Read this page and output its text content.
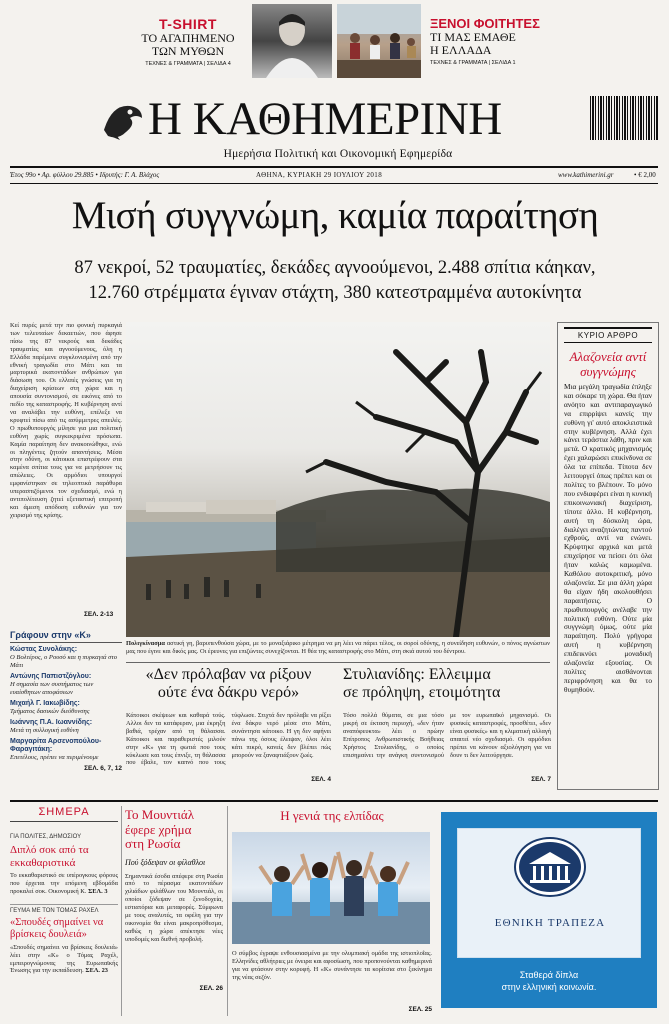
T-SHIRT
ΤΟ ΑΓΑΠΗΜΕΝΟ
ΤΩΝ ΜΥΘΩΝ
ΤΕΧΝΕΣ & ΓΡΑΜΜΑΤΑ | ΣΕΛΙΔΑ 4
ΞΕΝΟΙ ΦΟΙΤΗΤΕΣ
ΤΙ ΜΑΣ ΕΜΑΘΕ
Η ΕΛΛΑΔΑ
ΤΕΧΝΕΣ & ΓΡΑΜΜΑΤΑ | ΣΕΛΙΔΑ 1
Η ΚΑΘΗΜΕΡΙΝΗ
Ημερήσια Πολιτική και Οικονομική Εφημερίδα
Έτος 99ο • Αρ. φύλλου 29.885 • Ιδρυτής: Γ. Α. Βλάχος	ΑΘΗΝΑ, ΚΥΡΙΑΚΗ 29 ΙΟΥΛΙΟΥ 2018	www.kathimerini.gr	• € 2,00
Μισή συγγνώμη, καμία παραίτηση
87 νεκροί, 52 τραυματίες, δεκάδες αγνοούμενοι, 2.488 σπίτια κάηκαν,
12.760 στρέμματα έγιναν στάχτη, 380 κατεστραμμένα αυτοκίνητα
Κεί πυρές μετά την πιο φονική πυρκαγιά των τελευταίων δεκαετιών, που άφησε πίσω της 87 νεκρούς και δεκάδες τραυματίες και αγνοούμενους, όλη η Ελλάδα παρέμενε συγκλονισμένη από την εθνική τραγωδία στο Μάτι και τα μαρτυρικά εκατοντάδων ανθρώπων για διάσωση του. Οι ελλιπές γνώσεις για τη διαχείριση κρίσεων στη χώρα και η απουσία συντονισμού, σε εικόνες από το πεδίο της καταστροφής. Η κυβέρνηση αντί να αναλάβει την ευθύνη, επέλεξε να κρυφτεί πίσω από τις ασύμμετρες απειλές. Ο πρωθυπουργός μίλησε για μια πολιτική ευθύνη χωρίς συγκεκριμένα πρόσωπα. Καμία παραίτηση δεν ανακοινώθηκε, ενώ οι πληγέντες ζητούν απαντήσεις. Μέσα στην οδύνη, οι κάτοικοι επιστρέφουν στα καμένα σπίτια τους για να μετρήσουν τις απώλειες. Οι αρμόδιοι υπουργοί εμφανίστηκαν σε τηλεοπτικά παράθυρα υπερασπιζόμενοι τον σχεδιασμό, ενώ η αντιπολίτευση ζητεί εξεταστική επιτροπή και άμεση απόδοση ευθυνών για τον χειρισμό της κρίσης.
ΣΕΛ. 2-13
Πολιγκίνασμα αστική γη, βαρυπενθούσα χώρα, με το μοναξιάρικο μέτρημα να μη λέει να πάρει τέλος, οι σοροί οδύνης, η συνείδηση ευθυνών, ο πόνος αγνώστων μας που έγινε και δικός μας. Οι έρευνες για επιζώντες συνεχίζονται. Η θέα της καταστροφής στο Μάτι, στη σκιά αυτού του δέντρου.
ΚΥΡΙΟ ΑΡΘΡΟ
Αλαζονεία αντί συγγνώμης
Μια μεγάλη τραγωδία έπληξε και σόκαρε τη χώρα. Θα ήταν ανόητο και αντιπαραγωγικό να επιρρίψει κανείς την ευθύνη γι' αυτό αποκλειστικά στην κυβέρνηση. Αλλά έχει κάνει τεράστια λάθη, πριν και μετά. Ο κρατικός μηχανισμός έχει χαλαρώσει επικίνδυνα σε όλα τα επίπεδα. Τίποτα δεν λειτουργεί όπως πρέπει και οι πολίτες το βλέπουν. Το μόνο που ενδιαφέρει είναι η κυνική επικοινωνιακή διαχείριση, τίποτε άλλο. Η κυβέρνηση, αυτή τη δύσκολη ώρα, διαλέγει αναζητώντας παντού εχθρούς, αντί να ενώνει. Κρύφτηκε αρχικά και μετά επιχείρησε να πείσει ότι όλα ήταν καλώς καμωμένα. Καθόλου αυτοκριτική, μόνο αλαζονεία. Σε μια άλλη χώρα θα είχαν ήδη ακολουθήσει παραιτήσεις. Ο πρωθυπουργός ανέλαβε την πολιτική ευθύνη. Ούτε μία συγγνώμη όμως, ούτε μία παραίτηση. Πολύ γρήγορα αυτή η κυβέρνηση επιδεικνύει μοναδική αλαζονεία εξουσίας. Οι πολίτες αισθάνονται περιφρόνηση και θα το θυμηθούν.
Γράφουν στην «Κ»
Κώστας Συνολάκης:
Ο Βολτέρος, ο Ρουσό και η πυρκαγιά στο Μάτι
Αντώνης Παπιστζόγλου:
Η σημασία των συστήματος των ευαίσθητων αποφάσεων
Μιχαήλ Γ. Ιακωβίδης:
Τμήματος δασικών διεύθυνσης
Ιωάννης Π.Α. Ιωαννίδης:
Μετά τη συλλογική ευθύνη
Μαργαρίτα Αρσενοπούλου-Φαραγιτάκη:
Επετέλους, πρέπει να περιμένουμε
ΣΕΛ. 6, 7, 12
«Δεν πρόλαβαν να ρίξουν
ούτε ένα δάκρυ νερό»
Κάτοικοι σκέψεων και καθαρά τούς. Αλλοι δεν τα κατάφεραν, μια έκρηξη βαθιά, τρέχαν από τη θάλασσα. Κάτοικοι και παραθεριστές μιλούν στην «Κ» για τη φωτιά που τους κύκλωσε και τους έπνιξε, τη θάλασσα που έβαλε, τον καπνό που τους τύφλωσε. Στιχτά δεν πρόλαβε να ρίξει ένα δάκρυ νερό μέσα στο Μάτι, συνάντησα κάτοικο. Η γη δεν αφήνει πάνω της όσους έλειψαν, όλοι λέει κάτι πικρό, κανείς δεν βλέπει πώς μπορούν να ξαναφτιάξουν ζωές.
ΣΕΛ. 4
Στυλιανίδης: Ελλειμμα
σε πρόληψη, ετοιμότητα
Τόσο πολλά θύματα, σε μια τόσο μικρή σε έκταση περιοχή, «δεν ήταν αναπόφευκτα» λέει ο πρώην Επίτροπος Ανθρωπιστικής Βοήθειας Χρήστος Στυλιανίδης, ο οποίος επισημαίνει την ανάγκη συντονισμού με τον ευρωπαϊκό μηχανισμό. Οι φυσικές καταστροφές, προσθέτει, «δεν είναι φυσικές» και η κλιματική αλλαγή απαιτεί νέο σχεδιασμό. Οι αρμόδιοι πρέπει να κάνουν αξιολόγηση για να δουν τι δεν λειτούργησε.
ΣΕΛ. 7
ΣΗΜΕΡΑ
ΓΙΑ ΠΟΛΙΤΕΣ, ΔΗΜΟΣΙΟΥ
Διπλό σοκ από τα εκκαθαριστικά
Το εκκαθαριστικό σε υπέρογκους φόρους που έρχεται την επόμενη εβδομάδα προκαλεί σοκ. Οικονομική Κ. ΣΕΛ. 3
ΓΕΥΜΑ ΜΕ ΤΟΝ ΤΟΜΑΣ ΡΑΧΕΛ
«Σπουδές σημαίνει να βρίσκεις δουλειά»
«Σπουδές σημαίνει να βρίσκεις δουλειά» λέει στην «Κ» ο Τόμας Ραχέλ, εμπειρογνώμονας της Ευρωπαϊκής Ένωσης για την εκπαίδευση. ΣΕΛ. 23
Το Μουντιάλ
έφερε χρήμα
στη Ρωσία
Πού ξόδεψαν οι φίλαθλοι
Σημαντικά έσοδα απέφερε στη Ρωσία από το πέρασμα εκατοντάδων χιλιάδων φιλάθλων του Μουντιάλ, οι οποίοι ξόδεψαν σε ξενοδοχεία, εστιατόρια και μεταφορές. Σύμφωνα με τους αναλυτές, τα οφέλη για την οικονομία θα είναι μακροπρόθεσμα, καθώς η χώρα απέκτησε νέες υποδομές και διεθνή προβολή.
ΣΕΛ. 26
Η γενιά της ελπίδας
Ο σύμβος έγραψε ενθουσιασμένα με την ολυμπιακή ομάδα της ιστιοπλοΐας. Ελληνίδες αθλήτριες με όνειρα και αφοσίωση, που προπονούνται καθημερινά για να φτάσουν στην κορυφή. Η «Κ» συνάντησε τα κορίτσια στο ξεκίνημα της νέας σεζόν.
ΣΕΛ. 25
ΕΘΝΙΚΗ ΤΡΑΠΕΖΑ
Σταθερά δίπλα
στην ελληνική κοινωνία.
